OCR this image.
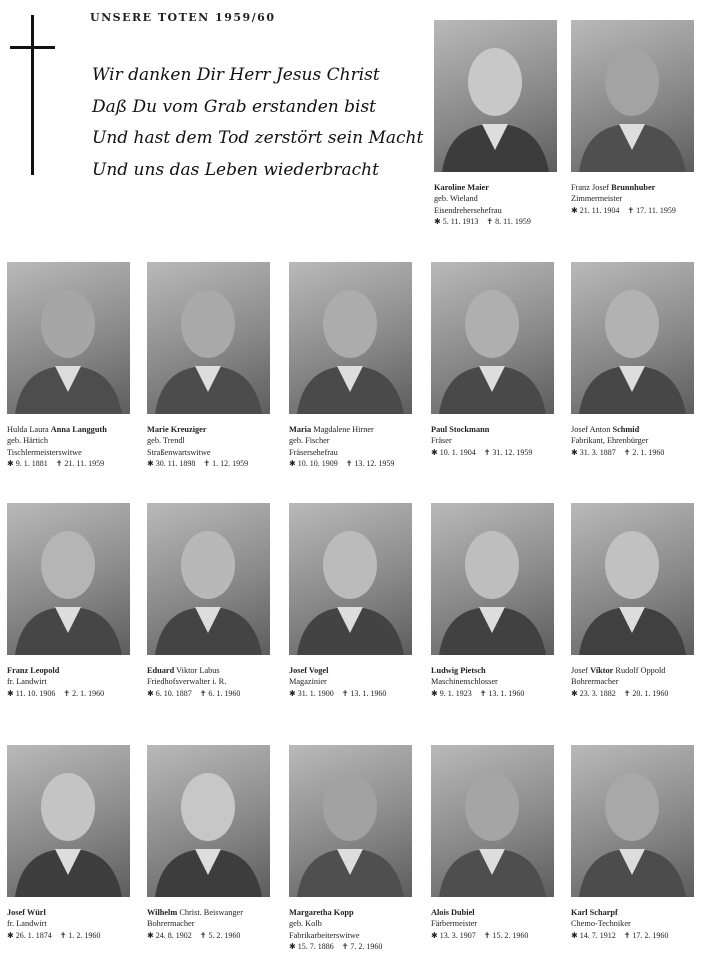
UNSERE TOTEN 1959/60
Wir danken Dir Herr Jesus Christ
Daß Du vom Grab erstanden bist
Und hast dem Tod zerstört sein Macht
Und uns das Leben wiederbracht
Karoline Maier
geb. Wieland
Eisendrehersehefrau
✱ 5. 11. 1913 ✝ 8. 11. 1959
Franz Josef Brunnhuber
Zimmermeister
✱ 21. 11. 1904 ✝ 17. 11. 1959
Hulda Laura Anna Langguth
geb. Härtich
Tischlermeisterswitwe
✱ 9. 1. 1881 ✝ 21. 11. 1959
Marie Kreuziger
geb. Trendl
Straßenwartswitwe
✱ 30. 11. 1898 ✝ 1. 12. 1959
Maria Magdalene Hirner
geb. Fischer
Fräsersehefrau
✱ 10. 10. 1909 ✝ 13. 12. 1959
Paul Stockmann
Fräser
✱ 10. 1. 1904 ✝ 31. 12. 1959
Josef Anton Schmid
Fabrikant, Ehrenbürger
✱ 31. 3. 1887 ✝ 2. 1. 1960
Franz Leopold
fr. Landwirt
✱ 11. 10. 1906 ✝ 2. 1. 1960
Eduard Viktor Labus
Friedhofsverwalter i. R.
✱ 6. 10. 1887 ✝ 6. 1. 1960
Josef Vogel
Magazinier
✱ 31. 1. 1900 ✝ 13. 1. 1960
Ludwig Pietsch
Maschinenschlosser
✱ 9. 1. 1923 ✝ 13. 1. 1960
Josef Viktor Rudolf Oppold
Bohrermacher
✱ 23. 3. 1882 ✝ 20. 1. 1960
Josef Würl
fr. Landwirt
✱ 26. 1. 1874 ✝ 1. 2. 1960
Wilhelm Christ. Beiswanger
Bohrermacher
✱ 24. 8. 1902 ✝ 5. 2. 1960
Margaretha Kopp
geb. Kolb
Fabrikarbeiterswitwe
✱ 15. 7. 1886 ✝ 7. 2. 1960
Alois Dubiel
Färbermeister
✱ 13. 3. 1907 ✝ 15. 2. 1960
Karl Scharpf
Chemo-Techniker
✱ 14. 7. 1912 ✝ 17. 2. 1960
